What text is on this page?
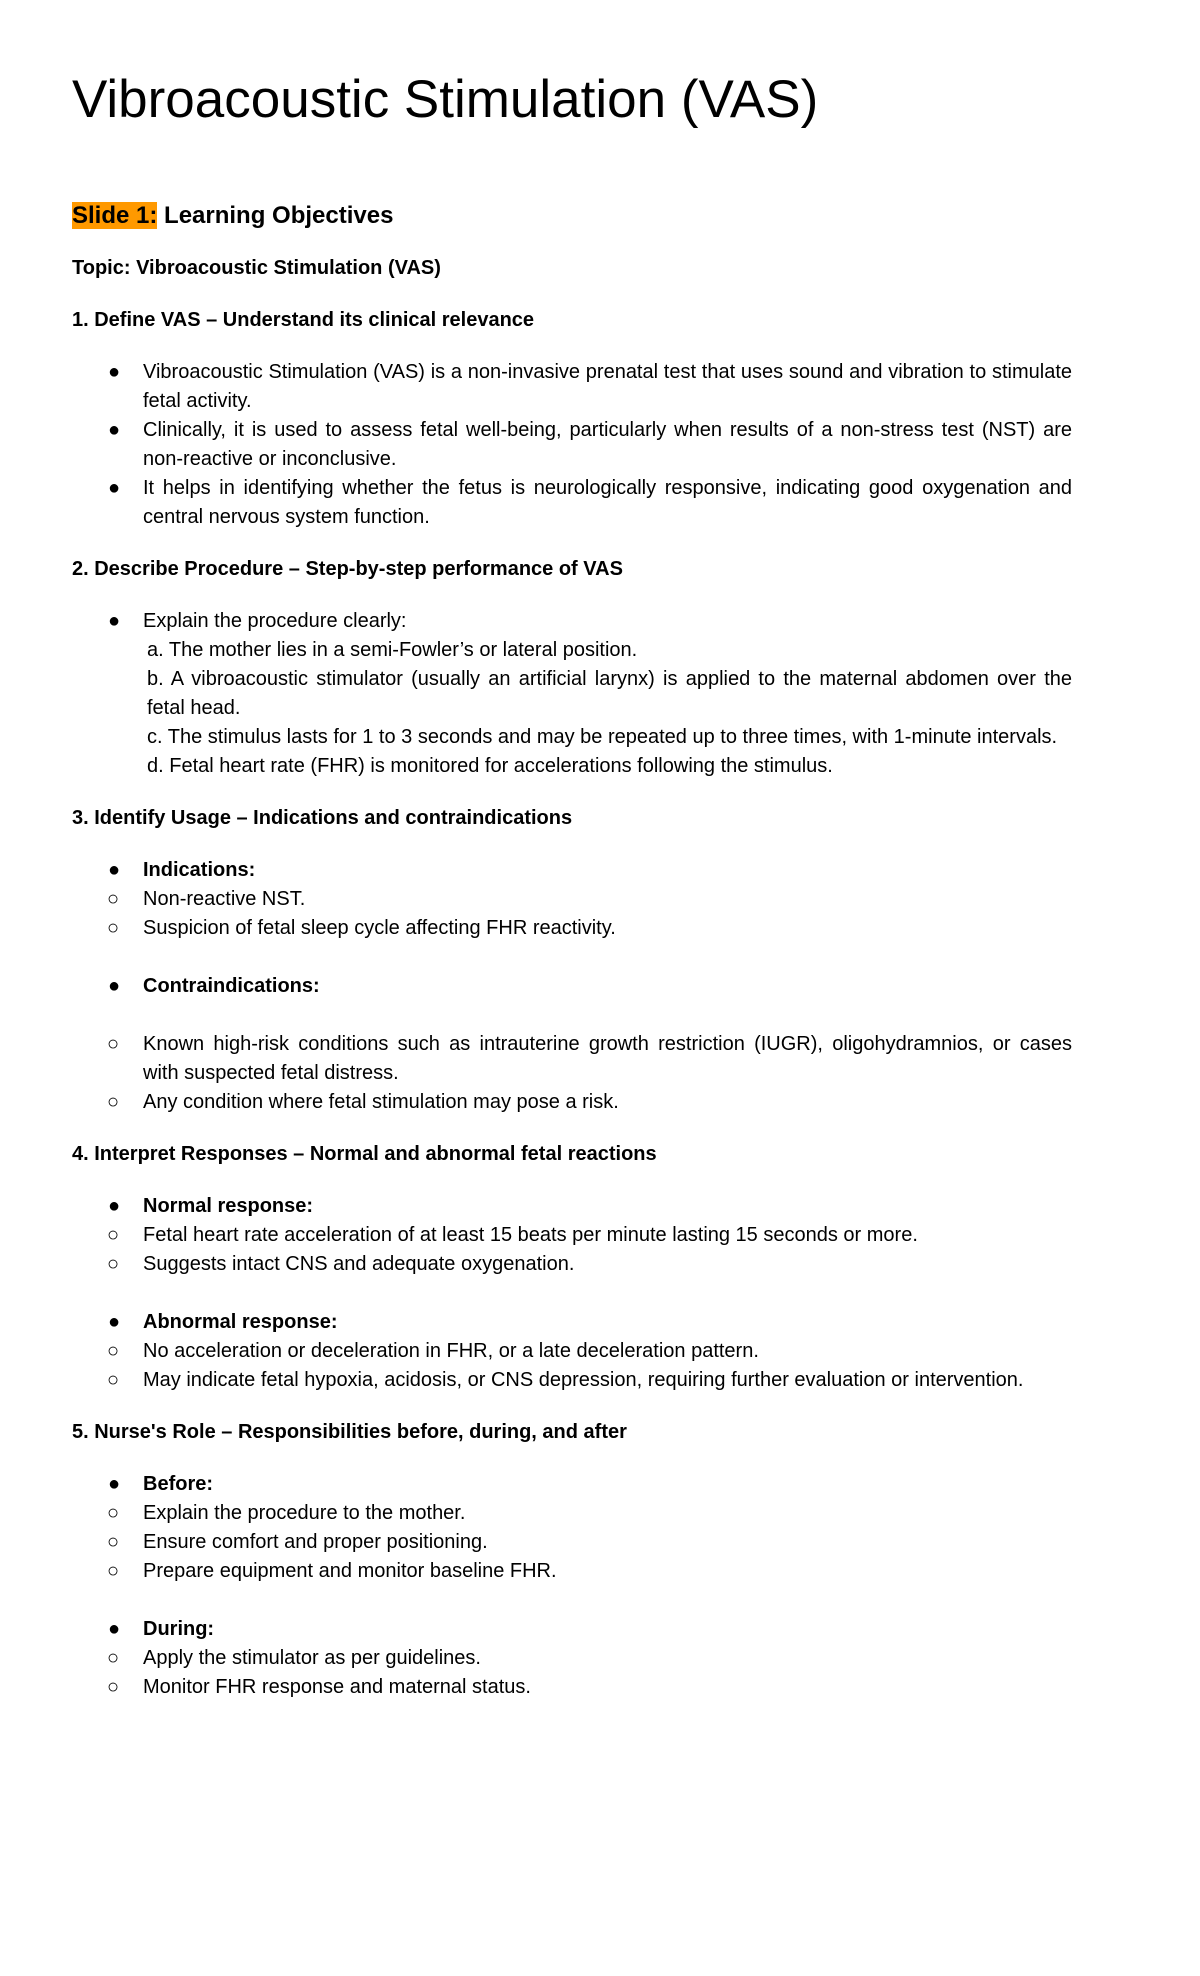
Vibroacoustic Stimulation (VAS)
Slide 1: Learning Objectives

Topic: Vibroacoustic Stimulation (VAS)

1. Define VAS – Understand its clinical relevance

● Vibroacoustic Stimulation (VAS) is a non-invasive prenatal test that uses sound and vibration to stimulate fetal activity.
● Clinically, it is used to assess fetal well-being, particularly when results of a non-stress test (NST) are non-reactive or inconclusive.
● It helps in identifying whether the fetus is neurologically responsive, indicating good oxygenation and central nervous system function.

2. Describe Procedure – Step-by-step performance of VAS

● Explain the procedure clearly:
a. The mother lies in a semi-Fowler’s or lateral position.
b. A vibroacoustic stimulator (usually an artificial larynx) is applied to the maternal abdomen over the fetal head.
c. The stimulus lasts for 1 to 3 seconds and may be repeated up to three times, with 1-minute intervals.
d. Fetal heart rate (FHR) is monitored for accelerations following the stimulus.

3. Identify Usage – Indications and contraindications

● Indications:
○ Non-reactive NST.
○ Suspicion of fetal sleep cycle affecting FHR reactivity.
● Contraindications:
○ Known high-risk conditions such as intrauterine growth restriction (IUGR), oligohydramnios, or cases with suspected fetal distress.
○ Any condition where fetal stimulation may pose a risk.

4. Interpret Responses – Normal and abnormal fetal reactions

● Normal response:
○ Fetal heart rate acceleration of at least 15 beats per minute lasting 15 seconds or more.
○ Suggests intact CNS and adequate oxygenation.
● Abnormal response:
○ No acceleration or deceleration in FHR, or a late deceleration pattern.
○ May indicate fetal hypoxia, acidosis, or CNS depression, requiring further evaluation or intervention.

5. Nurse's Role – Responsibilities before, during, and after

● Before:
○ Explain the procedure to the mother.
○ Ensure comfort and proper positioning.
○ Prepare equipment and monitor baseline FHR.
● During:
○ Apply the stimulator as per guidelines.
○ Monitor FHR response and maternal status.
